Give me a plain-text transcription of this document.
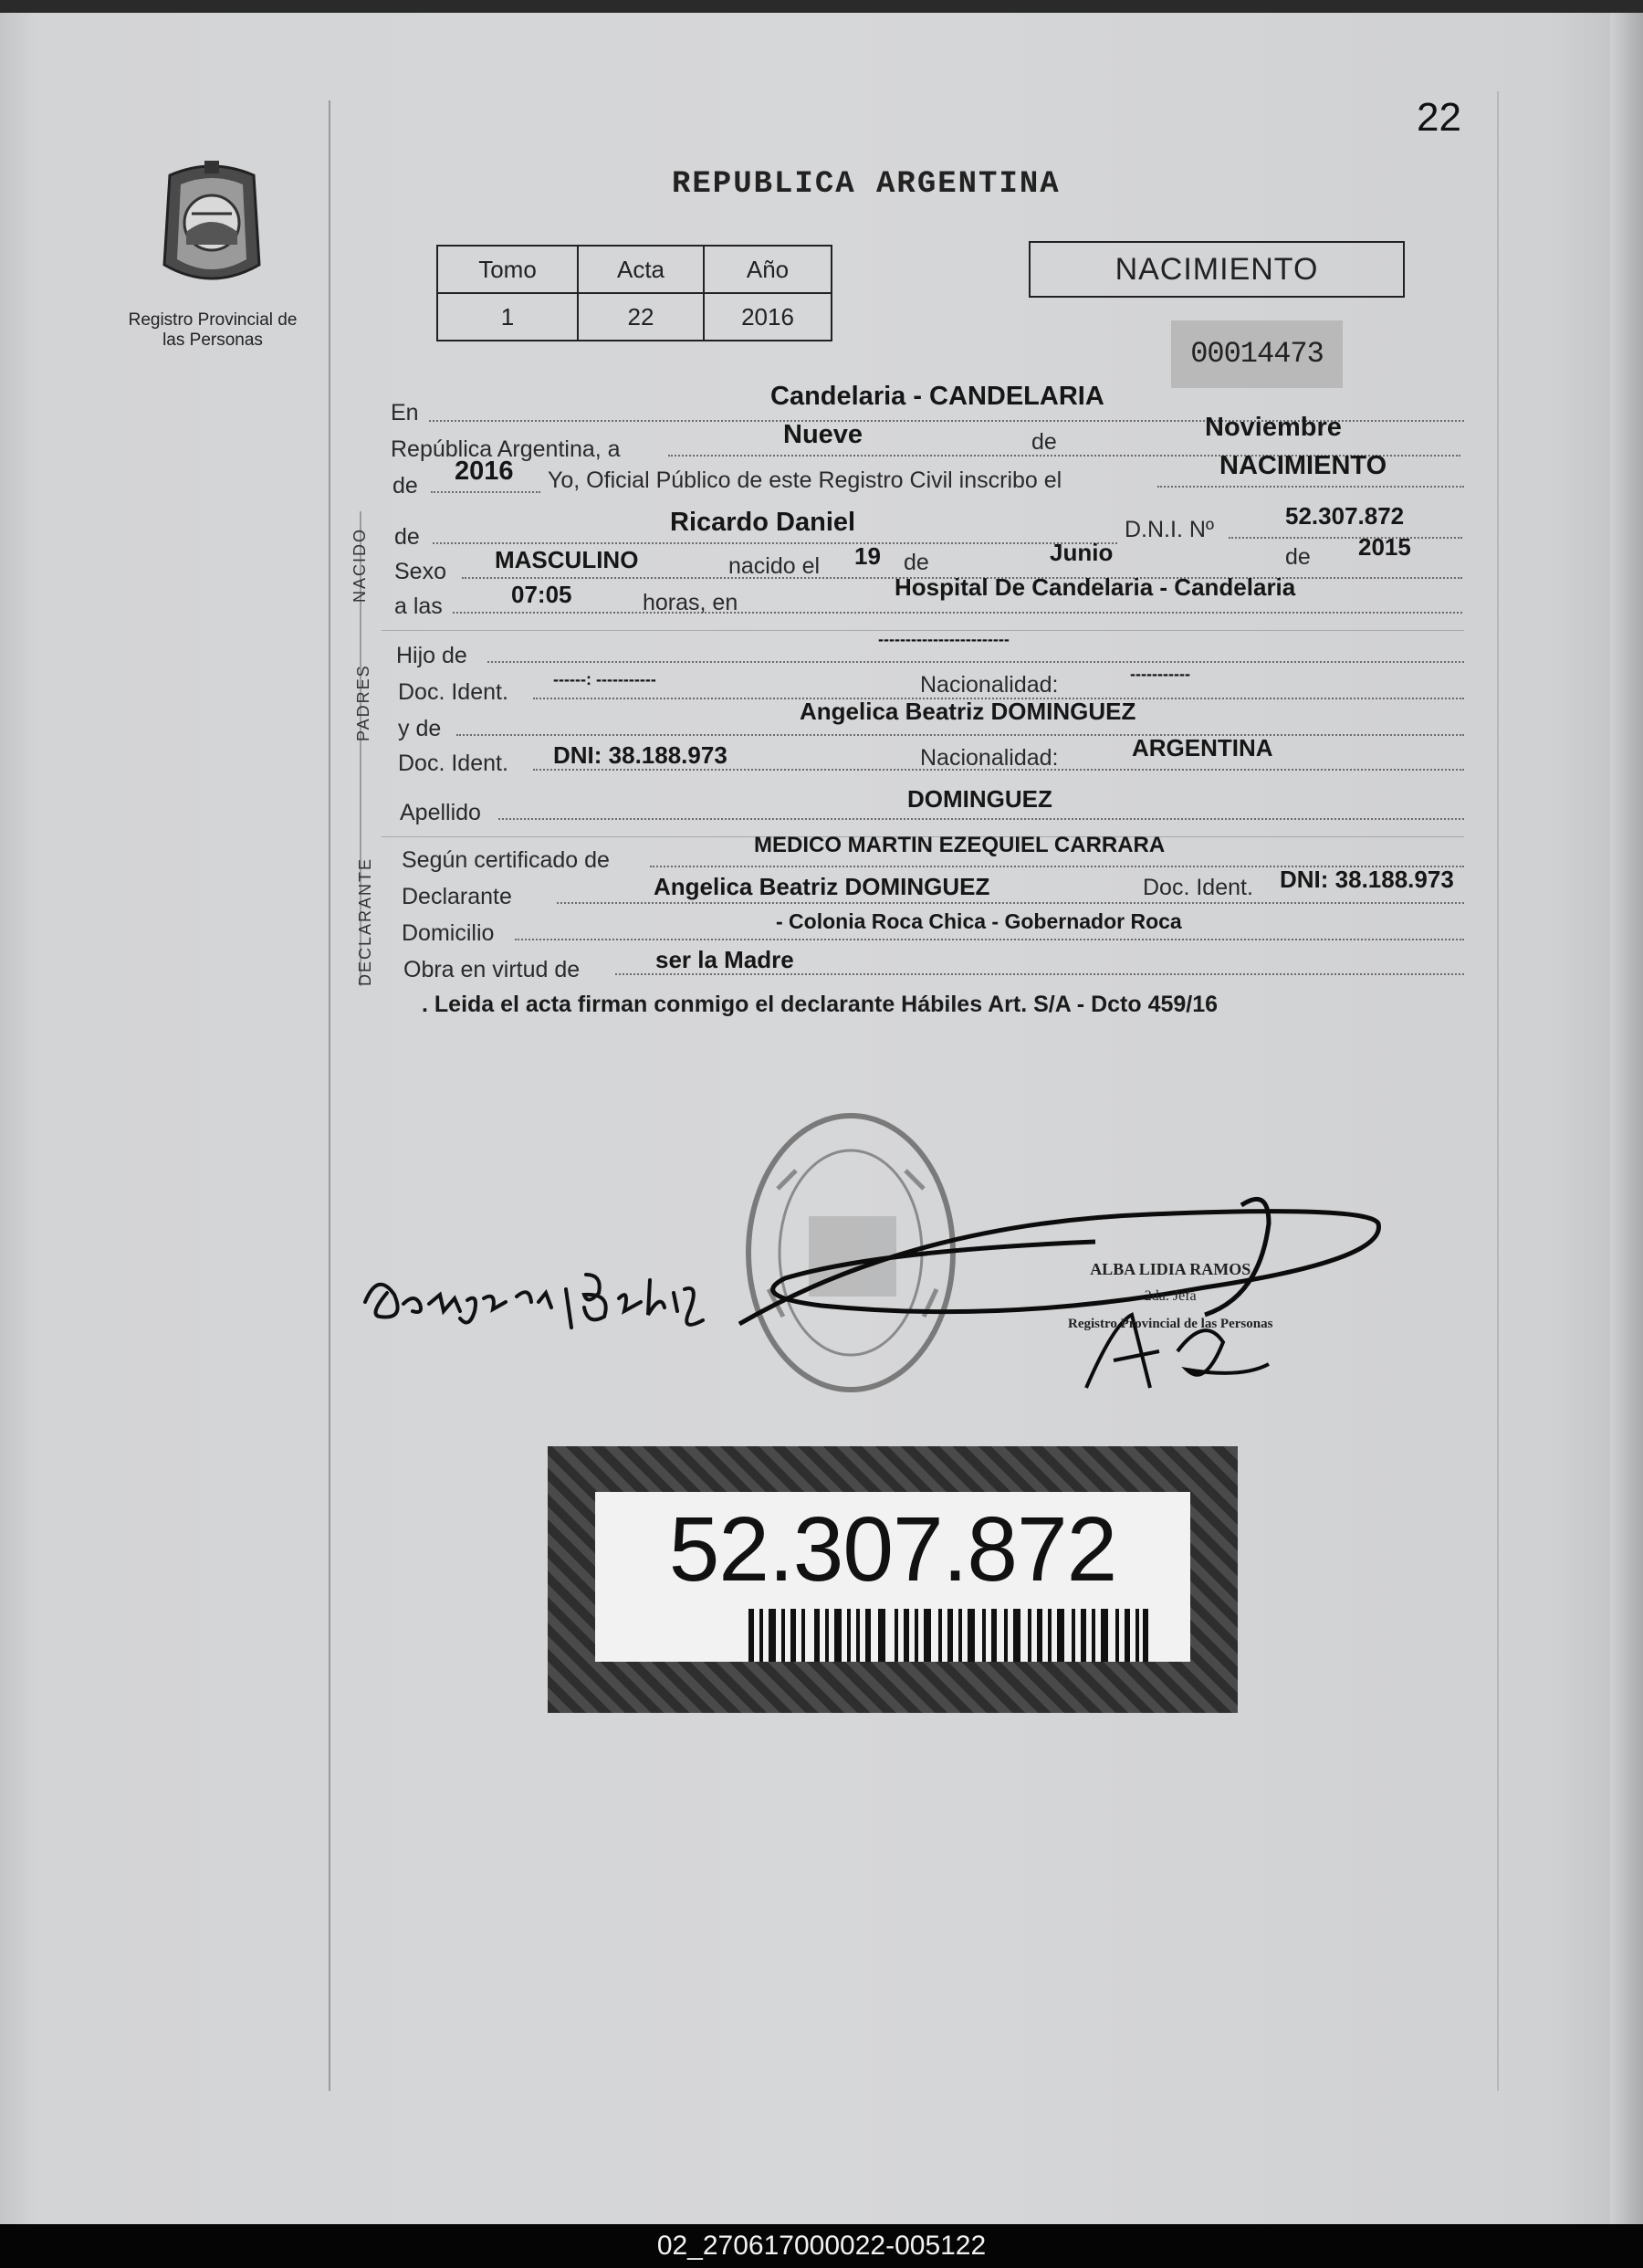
22
Registro Provincial de las Personas
REPUBLICA ARGENTINA
Tomo	Acta	Año
1	22	2016
NACIMIENTO
00014473
En
Candelaria - CANDELARIA
República Argentina, a	Nueve	de	Noviembre
de 2016 Yo, Oficial Público de este Registro Civil inscribo el	NACIMIENTO
NACIDO de	Ricardo Daniel	D.N.I. Nº	52.307.872
Sexo MASCULINO	nacido el 19 de	Junio	de 2015
a las	07:05	horas, en
Hospital De Candelaria - Candelaria
PADRES
Hijo de
------------------------
Doc. Ident.	------: -----------	Nacionalidad:	-----------
y de
Angelica Beatriz DOMINGUEZ
Doc. Ident. DNI: 38.188.973	Nacionalidad:	ARGENTINA
Apellido	DOMINGUEZ
DECLARANTE Según certificado de
MEDICO MARTIN EZEQUIEL CARRARA
Declarante	Angelica Beatriz DOMINGUEZ	Doc. Ident. DNI: 38.188.973
Domicilio	- Colonia Roca Chica - Gobernador Roca
Obra en virtud de	ser la Madre
. Leida el acta firman conmigo el declarante Hábiles Art. S/A - Dcto 459/16
ALBA LIDIA RAMOS
2da. Jefa
Registro Provincial de las Personas
52.307.872
02_270617000022-005122
